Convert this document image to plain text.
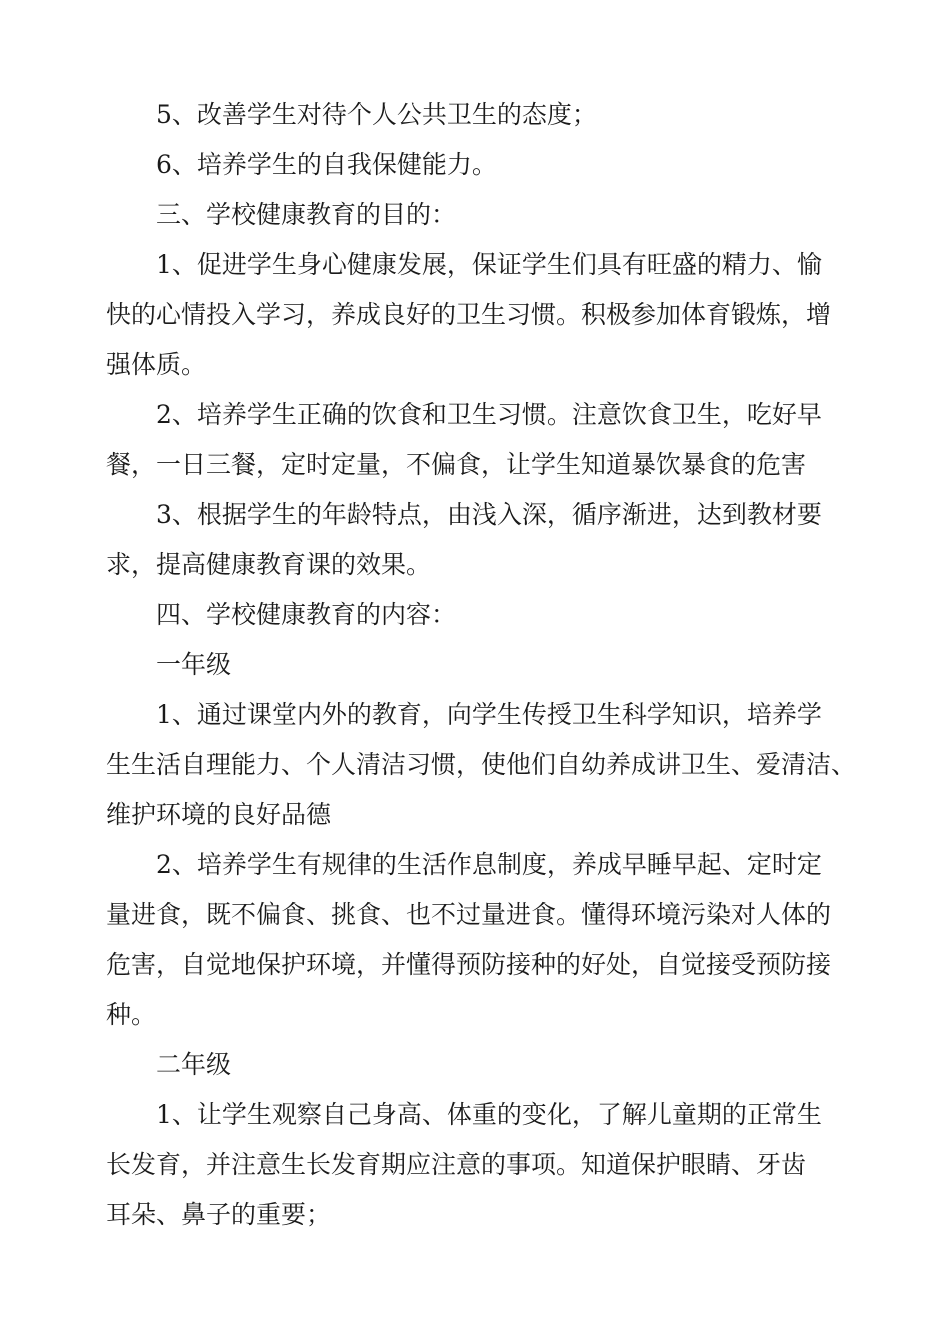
5、改善学生对待个人公共卫生的态度；
6、培养学生的自我保健能力。
三、学校健康教育的目的：
1、促进学生身心健康发展，保证学生们具有旺盛的精力、愉
快的心情投入学习，养成良好的卫生习惯。积极参加体育锻炼，增
强体质。
2、培养学生正确的饮食和卫生习惯。注意饮食卫生，吃好早
餐，一日三餐，定时定量，不偏食，让学生知道暴饮暴食的危害
3、根据学生的年龄特点，由浅入深，循序渐进，达到教材要
求，提高健康教育课的效果。
四、学校健康教育的内容：
一年级
1、通过课堂内外的教育，向学生传授卫生科学知识，培养学
生生活自理能力、个人清洁习惯，使他们自幼养成讲卫生、爱清洁、
维护环境的良好品德
2、培养学生有规律的生活作息制度，养成早睡早起、定时定
量进食，既不偏食、挑食、也不过量进食。懂得环境污染对人体的
危害，自觉地保护环境，并懂得预防接种的好处，自觉接受预防接
种。
二年级
1、让学生观察自己身高、体重的变化，了解儿童期的正常生
长发育，并注意生长发育期应注意的事项。知道保护眼睛、牙齿
耳朵、鼻子的重要；
